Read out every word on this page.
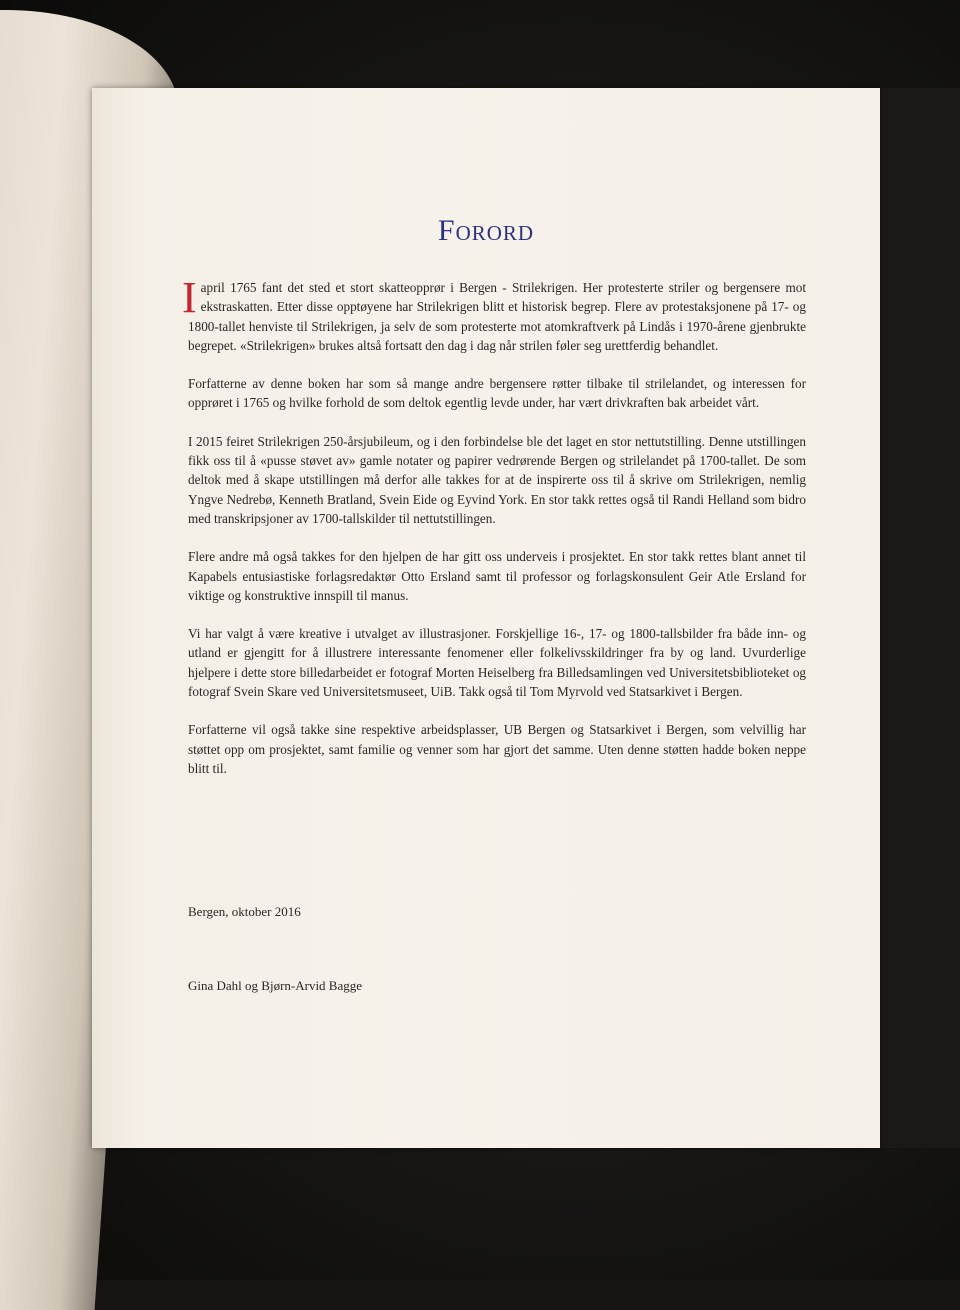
Forord

I april 1765 fant det sted et stort skatteopprør i Bergen - Strilekrigen. Her protesterte striler og bergensere mot ekstraskatten. Etter disse opptøyene har Strilekrigen blitt et historisk begrep. Flere av protestaksjonene på 17- og 1800-tallet henviste til Strilekrigen, ja selv de som protesterte mot atomkraftverk på Lindås i 1970-årene gjenbrukte begrepet. «Strilekrigen» brukes altså fortsatt den dag i dag når strilen føler seg urettferdig behandlet.

Forfatterne av denne boken har som så mange andre bergensere røtter tilbake til strilelandet, og interessen for opprøret i 1765 og hvilke forhold de som deltok egentlig levde under, har vært drivkraften bak arbeidet vårt.

I 2015 feiret Strilekrigen 250-årsjubileum, og i den forbindelse ble det laget en stor nettutstilling. Denne utstillingen fikk oss til å «pusse støvet av» gamle notater og papirer vedrørende Bergen og strilelandet på 1700-tallet. De som deltok med å skape utstillingen må derfor alle takkes for at de inspirerte oss til å skrive om Strilekrigen, nemlig Yngve Nedrebø, Kenneth Bratland, Svein Eide og Eyvind York. En stor takk rettes også til Randi Helland som bidro med transkripsjoner av 1700-tallskilder til nettutstillingen.

Flere andre må også takkes for den hjelpen de har gitt oss underveis i prosjektet. En stor takk rettes blant annet til Kapabels entusiastiske forlagsredaktør Otto Ersland samt til professor og forlagskonsulent Geir Atle Ersland for viktige og konstruktive innspill til manus.

Vi har valgt å være kreative i utvalget av illustrasjoner. Forskjellige 16-, 17- og 1800-tallsbilder fra både inn- og utland er gjengitt for å illustrere interessante fenomener eller folkelivsskildringer fra by og land. Uvurderlige hjelpere i dette store billedarbeidet er fotograf Morten Heiselberg fra Billedsamlingen ved Universitetsbiblioteket og fotograf Svein Skare ved Universitetsmuseet, UiB. Takk også til Tom Myrvold ved Statsarkivet i Bergen.

Forfatterne vil også takke sine respektive arbeidsplasser, UB Bergen og Statsarkivet i Bergen, som velvillig har støttet opp om prosjektet, samt familie og venner som har gjort det samme. Uten denne støtten hadde boken neppe blitt til.

Bergen, oktober 2016
Gina Dahl og Bjørn-Arvid Bagge
